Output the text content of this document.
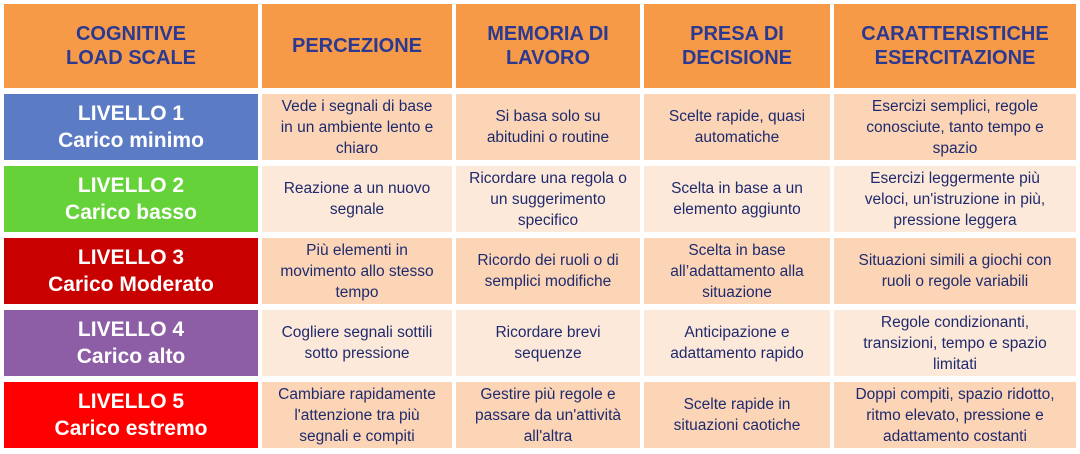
COGNITIVE
LOAD SCALE
PERCEZIONE
MEMORIA DI
LAVORO
PRESA DI
DECISIONE
CARATTERISTICHE
ESERCITAZIONE
LIVELLO 1
Carico minimo
Vede i segnali di base
in un ambiente lento e
chiaro
Si basa solo su
abitudini o routine
Scelte rapide, quasi
automatiche
Esercizi semplici, regole
conosciute, tanto tempo e
spazio
LIVELLO 2
Carico basso
Reazione a un nuovo
segnale
Ricordare una regola o
un suggerimento
specifico
Scelta in base a un
elemento aggiunto
Esercizi leggermente più
veloci, un'istruzione in più,
pressione leggera
LIVELLO 3
Carico Moderato
Più elementi in
movimento allo stesso
tempo
Ricordo dei ruoli o di
semplici modifiche
Scelta in base
all’adattamento alla
situazione
Situazioni simili a giochi con
ruoli o regole variabili
LIVELLO 4
Carico alto
Cogliere segnali sottili
sotto pressione
Ricordare brevi
sequenze
Anticipazione e
adattamento rapido
Regole condizionanti,
transizioni, tempo e spazio
limitati
LIVELLO 5
Carico estremo
Cambiare rapidamente
l'attenzione tra più
segnali e compiti
Gestire più regole e
passare da un'attività
all'altra
Scelte rapide in
situazioni caotiche
Doppi compiti, spazio ridotto,
ritmo elevato, pressione e
adattamento costanti
